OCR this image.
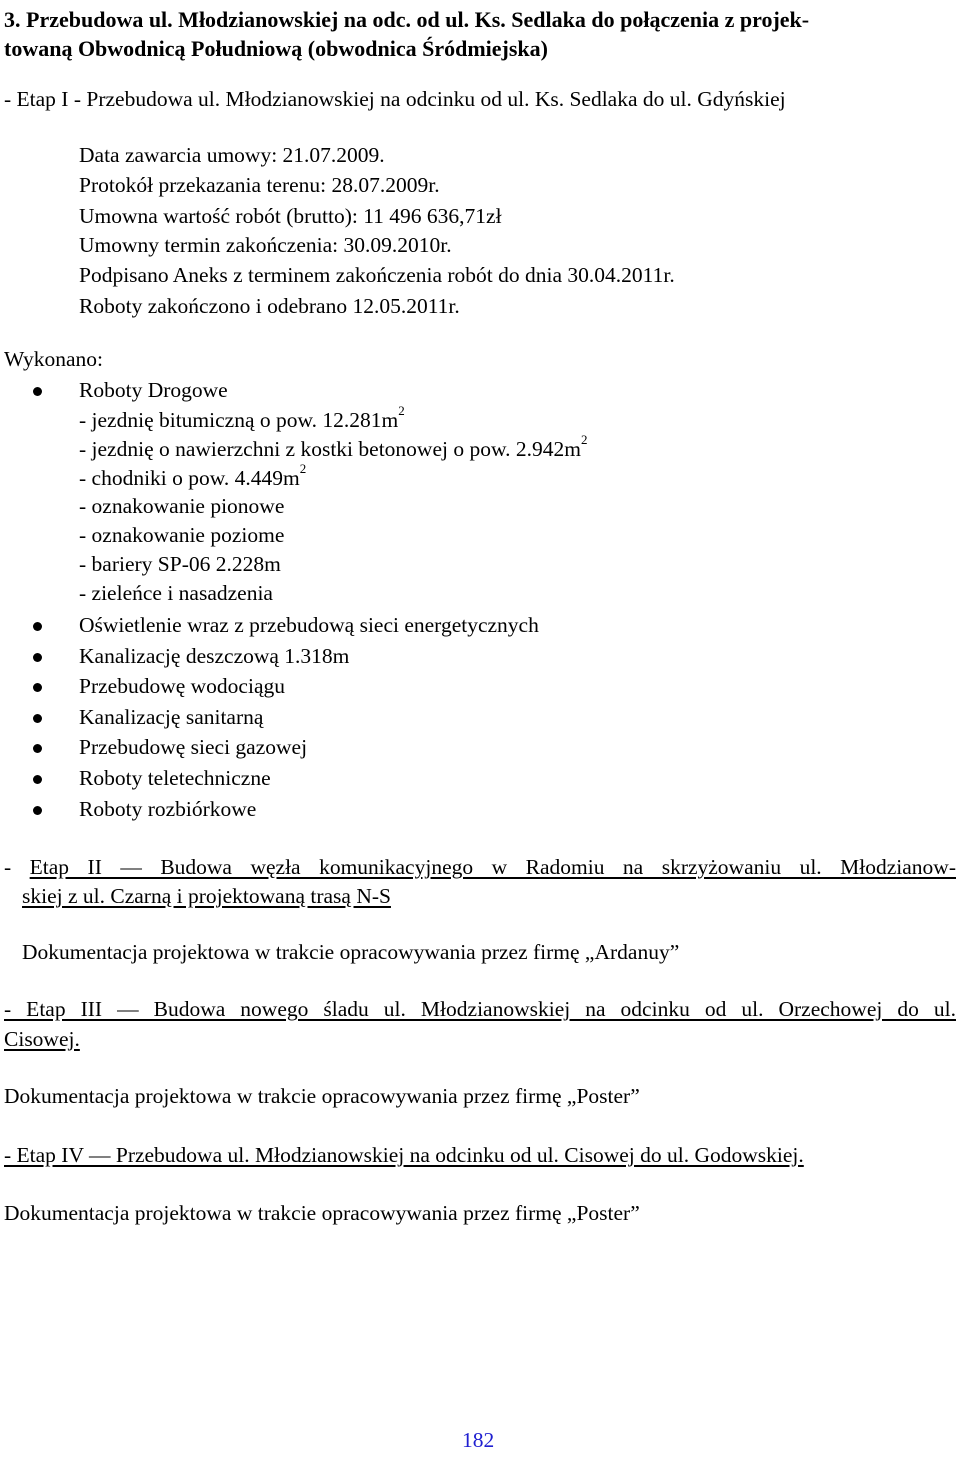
3. Przebudowa ul. Młodzianowskiej na odc. od ul. Ks. Sedlaka do połączenia z projek-
towaną Obwodnicą Południową (obwodnica Śródmiejska)
- Etap I - Przebudowa ul. Młodzianowskiej na odcinku od ul. Ks. Sedlaka do ul. Gdyńskiej
Data zawarcia umowy: 21.07.2009.
Protokół przekazania terenu: 28.07.2009r.
Umowna wartość robót (brutto): 11 496 636,71zł
Umowny termin zakończenia: 30.09.2010r.
Podpisano Aneks z terminem zakończenia robót do dnia 30.04.2011r.
Roboty zakończono i odebrano 12.05.2011r.
Wykonano:
Roboty Drogowe
- jezdnię bitumiczną o pow. $12.281m^2$
- jezdnię o nawierzchni z kostki betonowej o pow. $2.942m^2$
- chodniki o pow. $4.449m^2$
- oznakowanie pionowe
- oznakowanie poziome
- bariery SP-06 2.228m
- zieleńce i nasadzenia
Oświetlenie wraz z przebudową sieci energetycznych
Kanalizację deszczową 1.318m
Przebudowę wodociągu
Kanalizację sanitarną
Przebudowę sieci gazowej
Roboty teletechniczne
Roboty rozbiórkowe
- Etap II — Budowa węzła komunikacyjnego w Radomiu na skrzyżowaniu ul. Młodzianow-
skiej z ul. Czarną i projektowaną trasą N-S
Dokumentacja projektowa w trakcie opracowywania przez firmę „Ardanuy”
- Etap III — Budowa nowego śladu ul. Młodzianowskiej na odcinku od ul. Orzechowej do ul.
Cisowej.
Dokumentacja projektowa w trakcie opracowywania przez firmę „Poster”
- Etap IV — Przebudowa ul. Młodzianowskiej na odcinku od ul. Cisowej do ul. Godowskiej.
Dokumentacja projektowa w trakcie opracowywania przez firmę „Poster”
182
